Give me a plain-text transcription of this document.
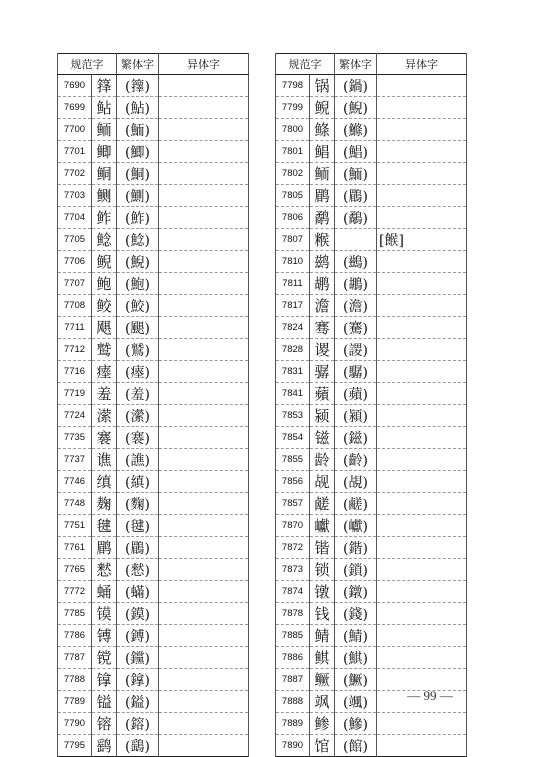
规范字		繁体字	异体字
7690	箨	(籜)	
7699	鲇	(鮎)	
7700	鲕	(鮞)	
7701	鲫	(鯽)	
7702	鲖	(鮦)	
7703	鲗	(鰂)	
7704	鲊	(鮓)	
7705	鲶	(鯰)	
7706	鲵	(鯢)	
7707	鲍	(鮑)	
7708	鲛	(鮫)	
7711	飓	(颶)	
7712	鹫	(鷲)	
7716	瘗	(瘞)	
7719	羞	(羞)	
7724	潆	(瀠)	
7735	褰	(褰)	
7737	谯	(譙)	
7746	缜	(縝)	
7748	麹	(麴)	
7751	毽	(毽)	
7761	鹛	(鶥)	
7765	慭	(憖)	
7772	蛹	(蟎)	
7785	镆	(鏌)	
7786	镈	(鎛)	
7787	镋	(钂)	
7788	镎	(鎿)	
7789	镒	(鎰)	
7790	镕	(鎔)	
7795	鹞	(鷂)	
规范字		繁体字	异体字
7798	锅	(鍋)	
7799	鲵	(鯢)	
7800	鲦	(鰷)	
7801	鲳	(鯧)	
7802	鲕	(鮞)	
7805	鹛	(鶥)	
7806	鹬	(鷸)	
7807	糇		[餱]
7810	鹚	(鷀)	
7811	鹕	(鶘)	
7817	澹	(澹)	
7824	骞	(騫)	
7828	谡	(謖)	
7831	骣	(驏)	
7841	蘋	(蘋)	
7853	颍	(潁)	
7854	镃	(鎡)	
7855	龄	(齡)	
7856	觇	(覘)	
7857	鹾	(鹺)	
7870	巘	(巘)	
7872	锴	(鍇)	
7873	锁	(鎖)	
7874	镦	(鐓)	
7878	钱	(錢)	
7885	鲭	(鯖)	
7886	鲯	(鯕)	
7887	鳜	(鱖)	
7888	飒	(颯)	
7889	鲹	(鰺)	
7890	馆	(館)	
— 99 —
